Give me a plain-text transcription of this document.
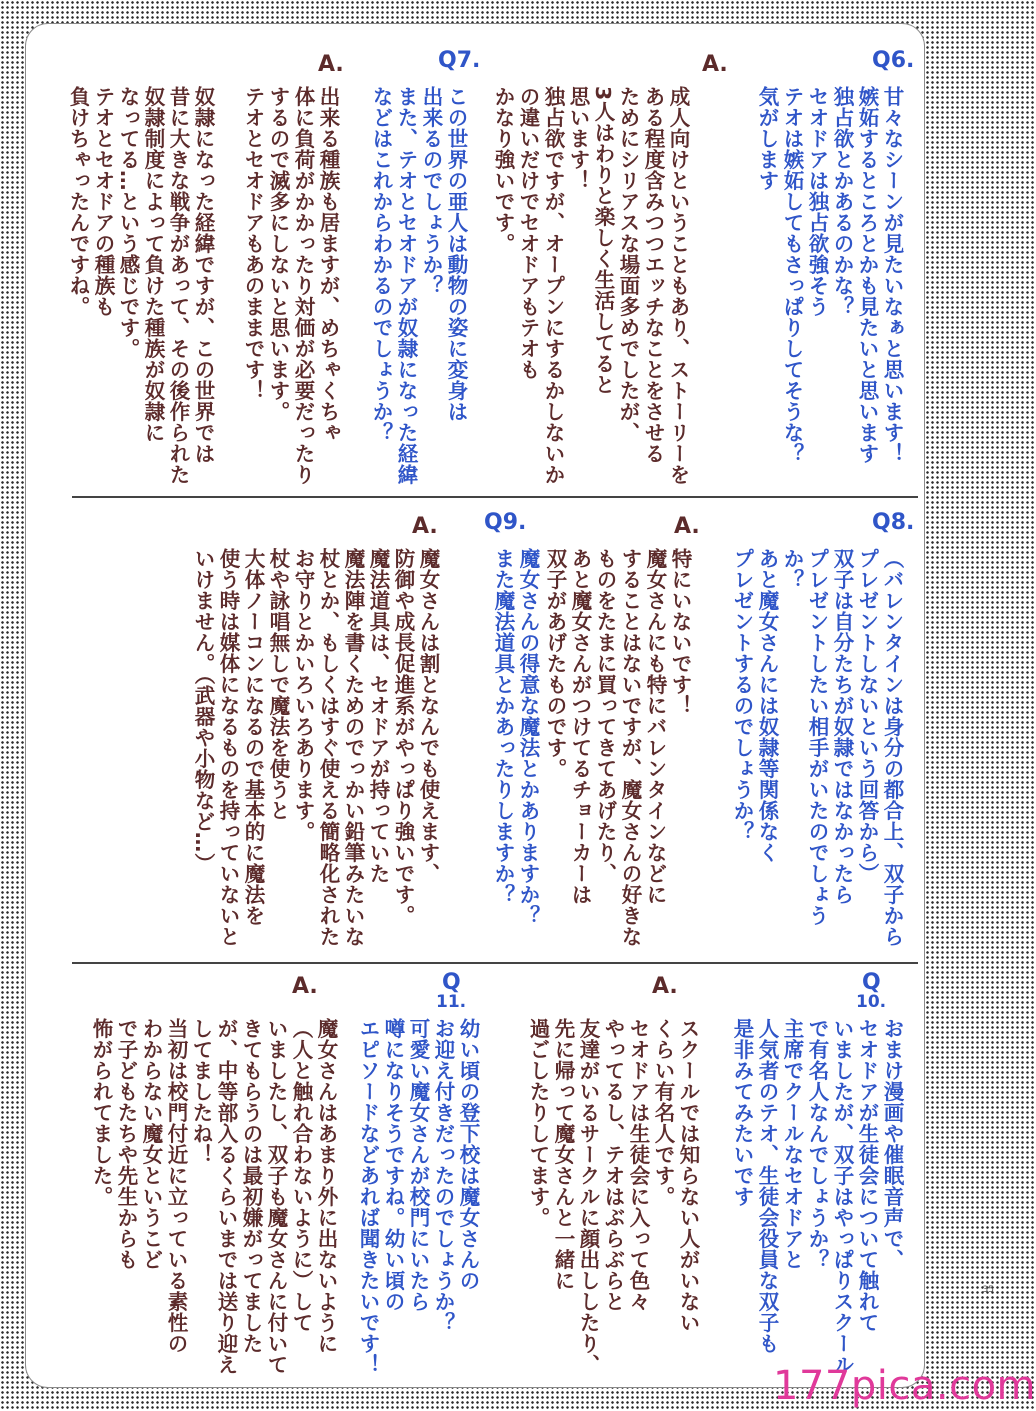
Q6.
甘々なシーンが見たいなぁと思います！
嫉妬するところとかも見たいと思います
独占欲とかあるのかな？
セオドアは独占欲強そう
テオは嫉妬してもさっぱりしてそうな？
気がします
A.
成人向けということもあり、ストーリーを
ある程度含みつつエッチなことをさせる
ためにシリアスな場面多めでしたが、
3人はわりと楽しく生活してると
思います！
独占欲ですが、オープンにするかしないか
の違いだけでセオドアもテオも
かなり強いです。
Q7.
この世界の亜人は動物の姿に変身は
出来るのでしょうか？
また、テオとセオドアが奴隷になった経緯
などはこれからわかるのでしょうか？
A.
出来る種族も居ますが、めちゃくちゃ
体に負荷がかかったり対価が必要だったり
するので滅多にしないと思います。
テオとセオドアもあのままです！

奴隷になった経緯ですが、この世界では
昔に大きな戦争があって、その後作られた
奴隷制度によって負けた種族が奴隷に
なってる…という感じです。
テオとセオドアの種族も
負けちゃったんですね。
Q8.
（バレンタインは身分の都合上、双子から
プレゼントしないという回答から）
双子は自分たちが奴隷ではなかったら
プレゼントしたい相手がいたのでしょう
か？
あと魔女さんには奴隷等関係なく
プレゼントするのでしょうか？
A.
特にいないです！
魔女さんにも特にバレンタインなどに
することはないですが、魔女さんの好きな
ものをたまに買ってきてあげたり、
あと魔女さんがつけてるチョーカーは
双子があげたものです。
Q9.
魔女さんの得意な魔法とかありますか？
また魔法道具とかあったりしますか？
A.
魔女さんは割となんでも使えます、
防御や成長促進系がやっぱり強いです。
魔法道具は、セオドアが持っていた
魔法陣を書くためのでっかい鉛筆みたいな
杖とか、もしくはすぐ使える簡略化された
お守りとかいろいろあります。
杖や詠唱無しで魔法を使うと
大体ノーコンになるので基本的に魔法を
使う時は媒体になるものを持っていないと
いけません。（武器や小物など…）
Q
10.
おまけ漫画や催眠音声で、
セオドアが生徒会について触れて
いましたが、双子はやっぱりスクール
で有名人なんでしょうか？
主席でクールなセオドアと
人気者のテオ、生徒会役員な双子も
是非みてみたいです
A.
スクールでは知らない人がいない
くらい有名人です。
セオドアは生徒会に入って色々
やってるし、テオはぶらぶらと
友達がいるサークルに顔出ししたり、
先に帰って魔女さんと一緒に
過ごしたりしてます。
Q
11.
幼い頃の登下校は魔女さんの
お迎え付きだったのでしょうか？
可愛い魔女さんが校門にいたら
噂になりそうですね。幼い頃の
エピソードなどあれば聞きたいです！
A.
魔女さんはあまり外に出ないように
（人と触れ合わないように）して
いましたし、双子も魔女さんに付いて
きてもらうのは最初嫌がってました
が、中等部入るくらいまでは送り迎え
してましたね！
当初は校門付近に立っている素性の
わからない魔女というこど
で子どもたちや先生からも
怖がられてました。
35
177pica.com
